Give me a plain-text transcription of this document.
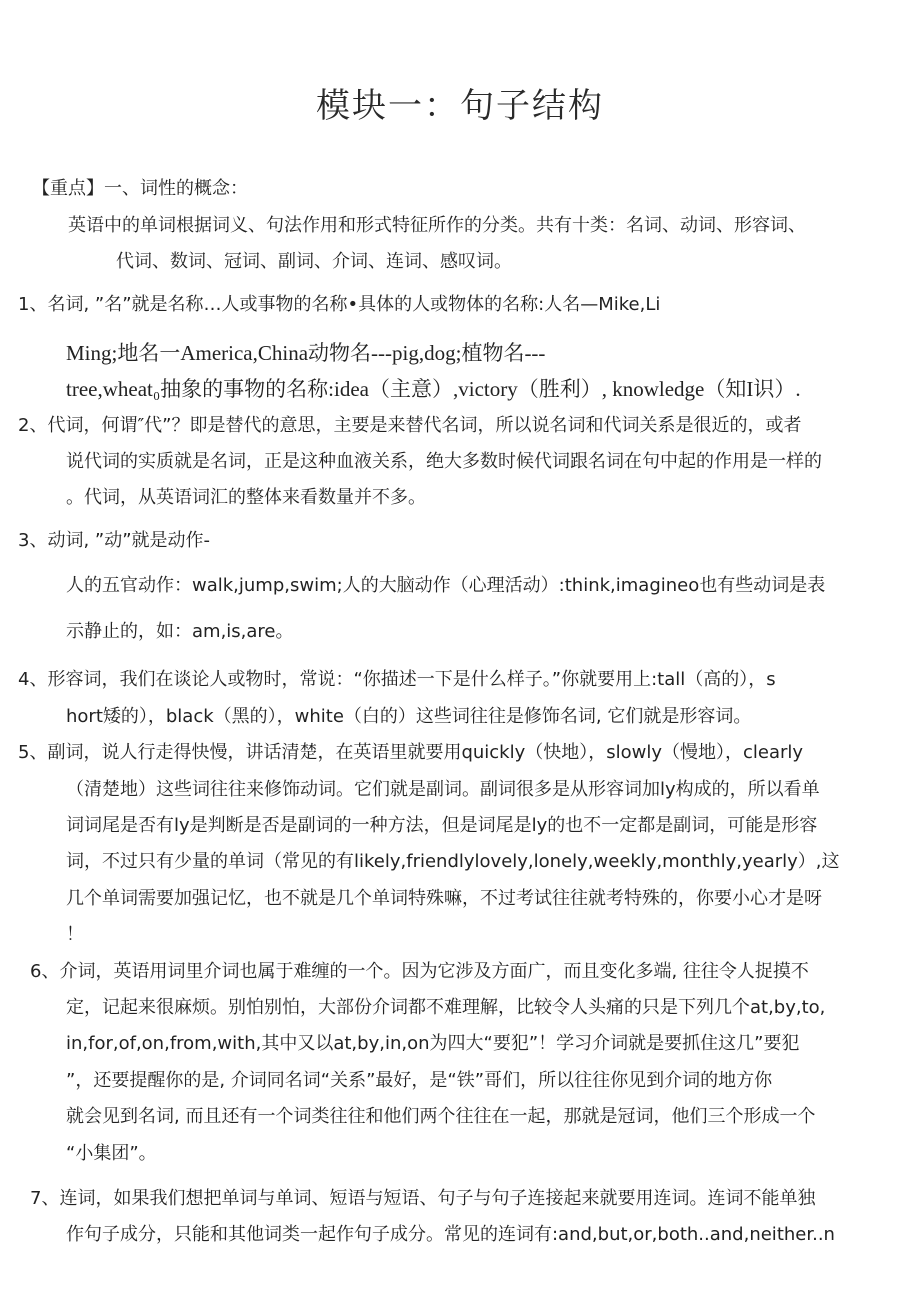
模块一：句子结构
【重点】一、词性的概念：
英语中的单词根据词义、句法作用和形式特征所作的分类。共有十类：名词、动词、形容词、
代词、数词、冠词、副词、介词、连词、感叹词。
1、名词, ”名”就是名称…人或事物的名称•具体的人或物体的名称:人名—Mike,Li
Ming;地名一America,China动物名---pig,dog;植物名---
tree,wheat₀抽象的事物的名称:idea（主意）,victory（胜利）, knowledge（知I识）.
2、代词，何谓″代”？即是替代的意思，主要是来替代名词，所以说名词和代词关系是很近的，或者
说代词的实质就是名词，正是这种血液关系，绝大多数时候代词跟名词在句中起的作用是一样的
。代词，从英语词汇的整体来看数量并不多。
3、动词, ”动”就是动作-
人的五官动作：walk,jump,swim;人的大脑动作（心理活动）:think,imagineo也有些动词是表
示静止的，如：am,is,are。
4、形容词，我们在谈论人或物时，常说：“你描述一下是什么样子。”你就要用上:tall（高的），s
hort矮的），black（黑的），white（白的）这些词往往是修饰名词, 它们就是形容词。
5、副词，说人行走得快慢，讲话清楚，在英语里就要用quickly（快地），slowly（慢地），clearly
（清楚地）这些词往往来修饰动词。它们就是副词。副词很多是从形容词加ly构成的，所以看单
词词尾是否有ly是判断是否是副词的一种方法，但是词尾是ly的也不一定都是副词，可能是形容
词，不过只有少量的单词（常见的有likely,friendlylovely,lonely,weekly,monthly,yearly）,这
几个单词需要加强记忆，也不就是几个单词特殊嘛，不过考试往往就考特殊的，你要小心才是呀
！
6、介词，英语用词里介词也属于难缠的一个。因为它涉及方面广，而且变化多端, 往往令人捉摸不
定，记起来很麻烦。别怕别怕，大部份介词都不难理解，比较令人头痛的只是下列几个at,by,to,
in,for,of,on,from,with,其中又以at,by,in,on为四大“要犯”！学习介词就是要抓住这几”要犯
”，还要提醒你的是, 介词同名词“关系”最好，是“铁”哥们，所以往往你见到介词的地方你
就会见到名词, 而且还有一个词类往往和他们两个往往在一起，那就是冠词，他们三个形成一个
“小集团”。
7、连词，如果我们想把单词与单词、短语与短语、句子与句子连接起来就要用连词。连词不能单独
作句子成分，只能和其他词类一起作句子成分。常见的连词有:and,but,or,both..and,neither..n
